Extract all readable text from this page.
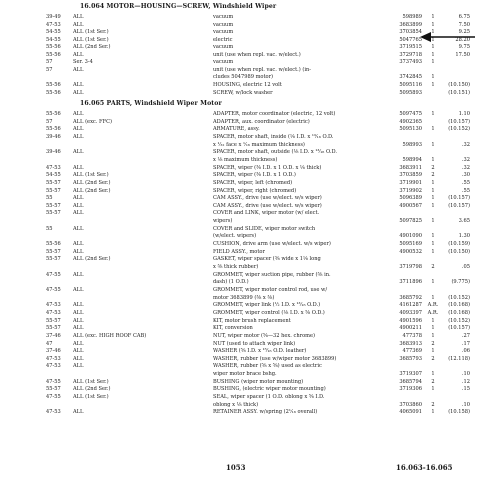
16.064 MOTOR—HOUSING—SCREW, Windshield Wiper
39-49	ALL	vacuum	598989	1	6.75
47-53	ALL	vacuum	3683899	1	7.50
54-55	ALL (1st Ser.)	vacuum	3703854	1	9.25
54-55	ALL (1st Ser.)	electric	5047765	1	28.20
55-56	ALL (2nd Ser.)	vacuum	3719515	1	9.75
55-56	ALL	unit (use when repl. vac. w/elect.)	3729718	1	17.50
57	Ser. 3-4	vacuum	3737493	1
57	ALL	unit (use when repl. vac. w/elect.) (in-
cludes 5047989 motor)	3742845	1
55-56	ALL	HOUSING, electric 12 volt	5095116	1	(10.150)
55-56	ALL	SCREW, w/lock washer	5095893	(10.151)
16.065 PARTS, Windshield Wiper Motor
55-56	ALL	ADAPTER, motor coordinator (electric, 12 volt)	5097475	1	1.10
57	ALL (exc. FFC)	ADAPTER, aux. coordinator (electric)	4902365	(10.157)
55-56	ALL	ARMATURE, assy.	5095130	1	(10.152)
39-46	ALL	SPACER, motor shaft, inside (⅛ I.D. x ¹³⁄₁₆ O.D.
x ¹⁄₃₂ face x ¹⁄₁₆ maximum thickness)	598993	1	.32
39-46	ALL	SPACER, motor shaft, outside (⅛ I.D. x ¹³⁄₁₆ O.D.
x ⅛ maximum thickness)	598994	1	.32
47-53	ALL	SPACER, wiper (⅜ I.D. x 1 O.D. x ⅛ thick)	3683911	2	.32
54-55	ALL (1st Ser.)	SPACER, wiper (⅜ I.D. x 1 O.D.)	3703859	2	.30
55-57	ALL (2nd Ser.)	SPACER, wiper, left (chromed)	3719901	1	.55
55-57	ALL (2nd Ser.)	SPACER, wiper, right (chromed)	3719902	1	.55
55	ALL	CAM ASSY., drive (use w/elect. w/s wiper)	5096389	1	(10.157)
55-57	ALL	CAM ASSY., drive (use w/elect. w/s wiper)	4900567	1	(10.157)
55-57	ALL	COVER and LINK, wiper motor (w/ elect.
wipers)	5097825	1	3.65
55	ALL	COVER and SLIDE, wiper motor switch
(w/elect. wipers)	4901090	1	1.30
55-56	ALL	CUSHION, drive arm (use w/elect. w/s wiper)	5095169	1	(10.159)
55-57	ALL	FIELD ASSY., motor	4900532	1	(10.150)
55-57	ALL (2nd Ser.)	GASKET, wiper spacer (⅜ wide x 1⅛ long
x ⅜ thick rubber)	3719798	2	.05
47-55	ALL	GROMMET, wiper suction pipe, rubber (⅜ in.
dash) (1 O.D.)	3711896	1	(9.775)
47-55	ALL	GROMMET, wiper motor control rod, use w/
motor 3683899 (⅜ x ⅜)	3685792	1	(10.152)
47-53	ALL	GROMMET, wiper link (½ I.D. x ¹³⁄₁₆ O.D.)	4161287	A.R.	(10.168)
47-53	ALL	GROMMET, wiper control (⅛ I.D. x ⅝ O.D.)	4093397	A.R.	(10.168)
55-57	ALL	KIT, motor brush replacement	4901596	1	(10.152)
55-57	ALL	KIT, conversion	4900211	1	(10.157)
37-46	ALL (exc. HIGH ROOF CAB)	NUT, wiper motor (⅝—32 hex. chrome)	477378	1	.27
47	ALL	NUT (used to attach wiper link)	3683913	2	.17
37-46	ALL	WASHER (⅝ I.D. x ¹⁵⁄₁₆ O.D. leather)	477369	1	.06
47-53	ALL	WASHER, rubber (use w/wiper motor 3683899)	3685793	2	(12.118)
47-53	ALL	WASHER, rubber (⅝ x ⅝) used as electric
wiper motor brace bshg.	3719307	1	.10
47-55	ALL (1st Ser.)	BUSHING (wiper motor mounting)	3685794	2	.12
55-57	ALL (2nd Ser.)	BUSHING, (electric wiper motor mounting)	3719306	1	.15
47-55	ALL (1st Ser.)	SEAL, wiper spacer (1 O.D. oblong x ⅝ I.D.
oblong x ⅛ thick)	3703860	2	.10
47-53	ALL	RETAINER ASSY. w/spring (2¹⁄₁₆ overall)	4065091	1	(10.158)
1053	16.063-16.065
